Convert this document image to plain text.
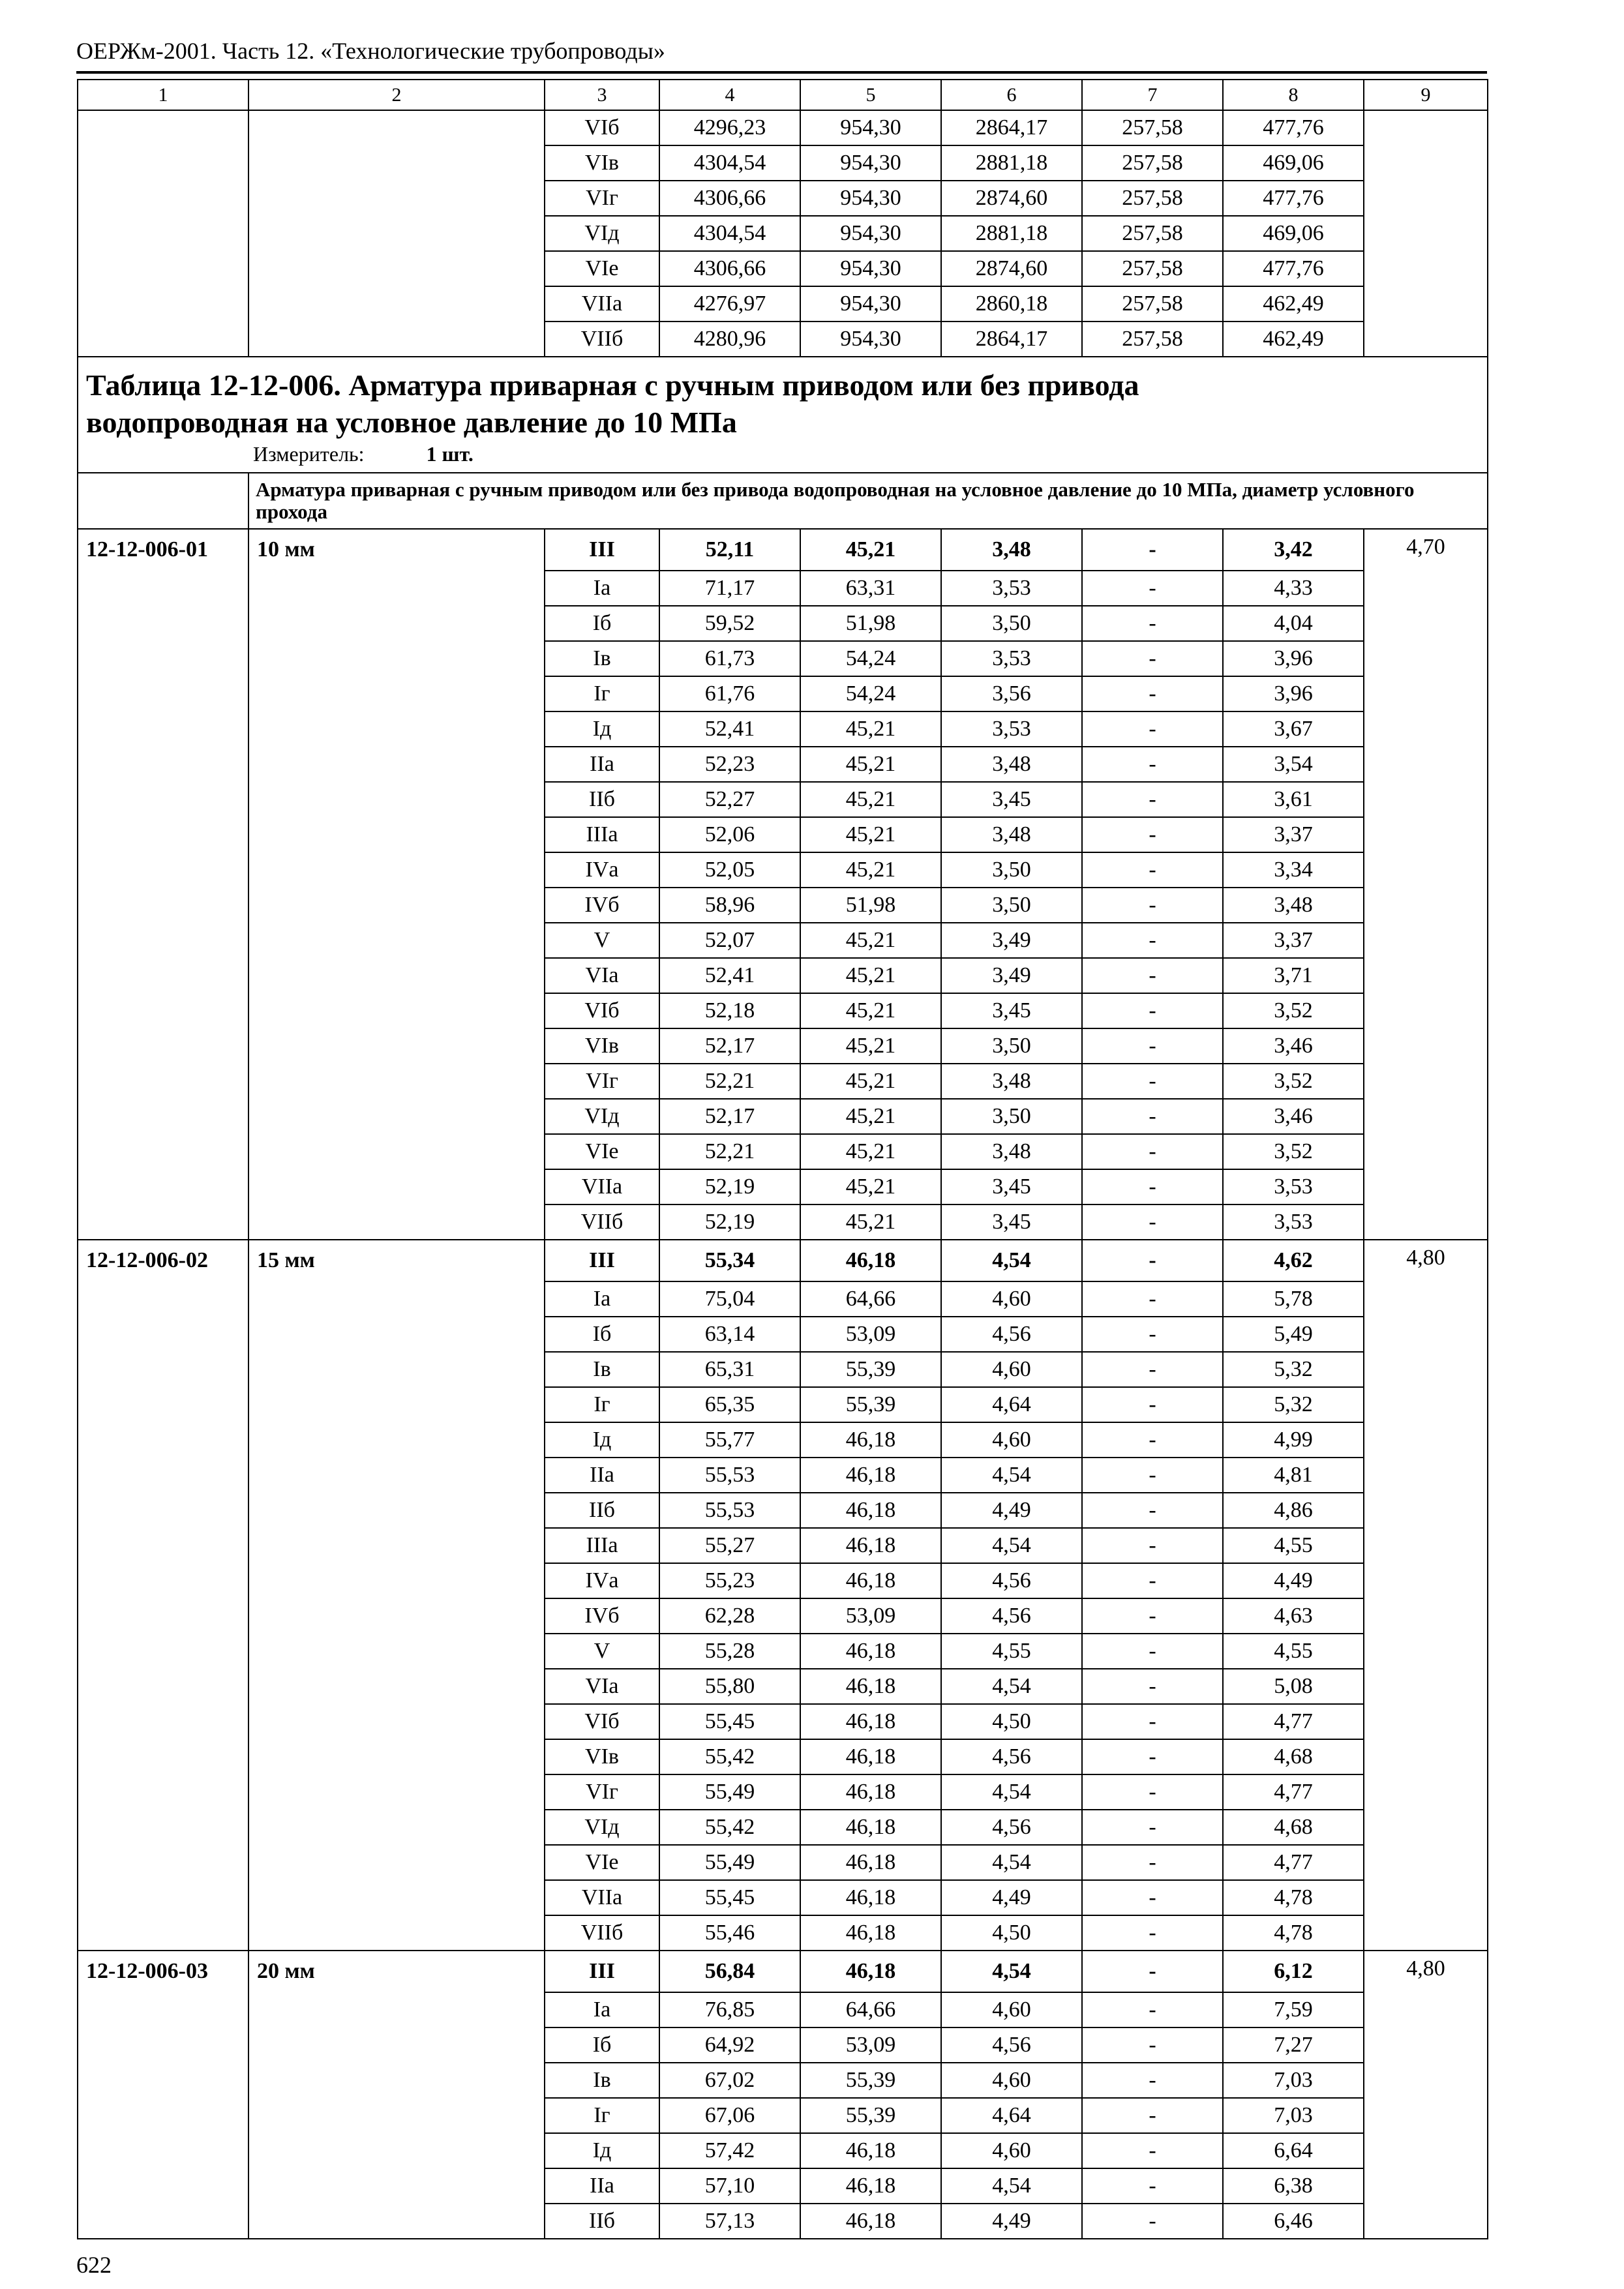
ОЕРЖм-2001. Часть 12. «Технологические трубопроводы»
1	2	3	4	5	6	7	8	9
		VIб	4296,23	954,30	2864,17	257,58	477,76	
		VIв	4304,54	954,30	2881,18	257,58	469,06	
		VIг	4306,66	954,30	2874,60	257,58	477,76	
		VIд	4304,54	954,30	2881,18	257,58	469,06	
		VIе	4306,66	954,30	2874,60	257,58	477,76	
		VIIа	4276,97	954,30	2860,18	257,58	462,49	
		VIIб	4280,96	954,30	2864,17	257,58	462,49	

Таблица 12-12-006. Арматура приварная с ручным приводом или без привода
водопроводная на условное давление до 10 МПа
Измеритель: 1 шт.								

	Арматура приварная с ручным приводом или без привода водопроводная на условное давление до 10 МПа, диаметр условного прохода							
12-12-006-01	10 мм	III	52,11	45,21	3,48	-	3,42	4,70
		Iа	71,17	63,31	3,53	-	4,33	
		Iб	59,52	51,98	3,50	-	4,04	
		Iв	61,73	54,24	3,53	-	3,96	
		Iг	61,76	54,24	3,56	-	3,96	
		Iд	52,41	45,21	3,53	-	3,67	
		IIа	52,23	45,21	3,48	-	3,54	
		IIб	52,27	45,21	3,45	-	3,61	
		IIIа	52,06	45,21	3,48	-	3,37	
		IVа	52,05	45,21	3,50	-	3,34	
		IVб	58,96	51,98	3,50	-	3,48	
		V	52,07	45,21	3,49	-	3,37	
		VIа	52,41	45,21	3,49	-	3,71	
		VIб	52,18	45,21	3,45	-	3,52	
		VIв	52,17	45,21	3,50	-	3,46	
		VIг	52,21	45,21	3,48	-	3,52	
		VIд	52,17	45,21	3,50	-	3,46	
		VIе	52,21	45,21	3,48	-	3,52	
		VIIа	52,19	45,21	3,45	-	3,53	
		VIIб	52,19	45,21	3,45	-	3,53	
12-12-006-02	15 мм	III	55,34	46,18	4,54	-	4,62	4,80
		Iа	75,04	64,66	4,60	-	5,78	
		Iб	63,14	53,09	4,56	-	5,49	
		Iв	65,31	55,39	4,60	-	5,32	
		Iг	65,35	55,39	4,64	-	5,32	
		Iд	55,77	46,18	4,60	-	4,99	
		IIа	55,53	46,18	4,54	-	4,81	
		IIб	55,53	46,18	4,49	-	4,86	
		IIIа	55,27	46,18	4,54	-	4,55	
		IVа	55,23	46,18	4,56	-	4,49	
		IVб	62,28	53,09	4,56	-	4,63	
		V	55,28	46,18	4,55	-	4,55	
		VIа	55,80	46,18	4,54	-	5,08	
		VIб	55,45	46,18	4,50	-	4,77	
		VIв	55,42	46,18	4,56	-	4,68	
		VIг	55,49	46,18	4,54	-	4,77	
		VIд	55,42	46,18	4,56	-	4,68	
		VIе	55,49	46,18	4,54	-	4,77	
		VIIа	55,45	46,18	4,49	-	4,78	
		VIIб	55,46	46,18	4,50	-	4,78	
12-12-006-03	20 мм	III	56,84	46,18	4,54	-	6,12	4,80
		Iа	76,85	64,66	4,60	-	7,59	
		Iб	64,92	53,09	4,56	-	7,27	
		Iв	67,02	55,39	4,60	-	7,03	
		Iг	67,06	55,39	4,64	-	7,03	
		Iд	57,42	46,18	4,60	-	6,64	
		IIа	57,10	46,18	4,54	-	6,38	
		IIб	57,13	46,18	4,49	-	6,46	
622
